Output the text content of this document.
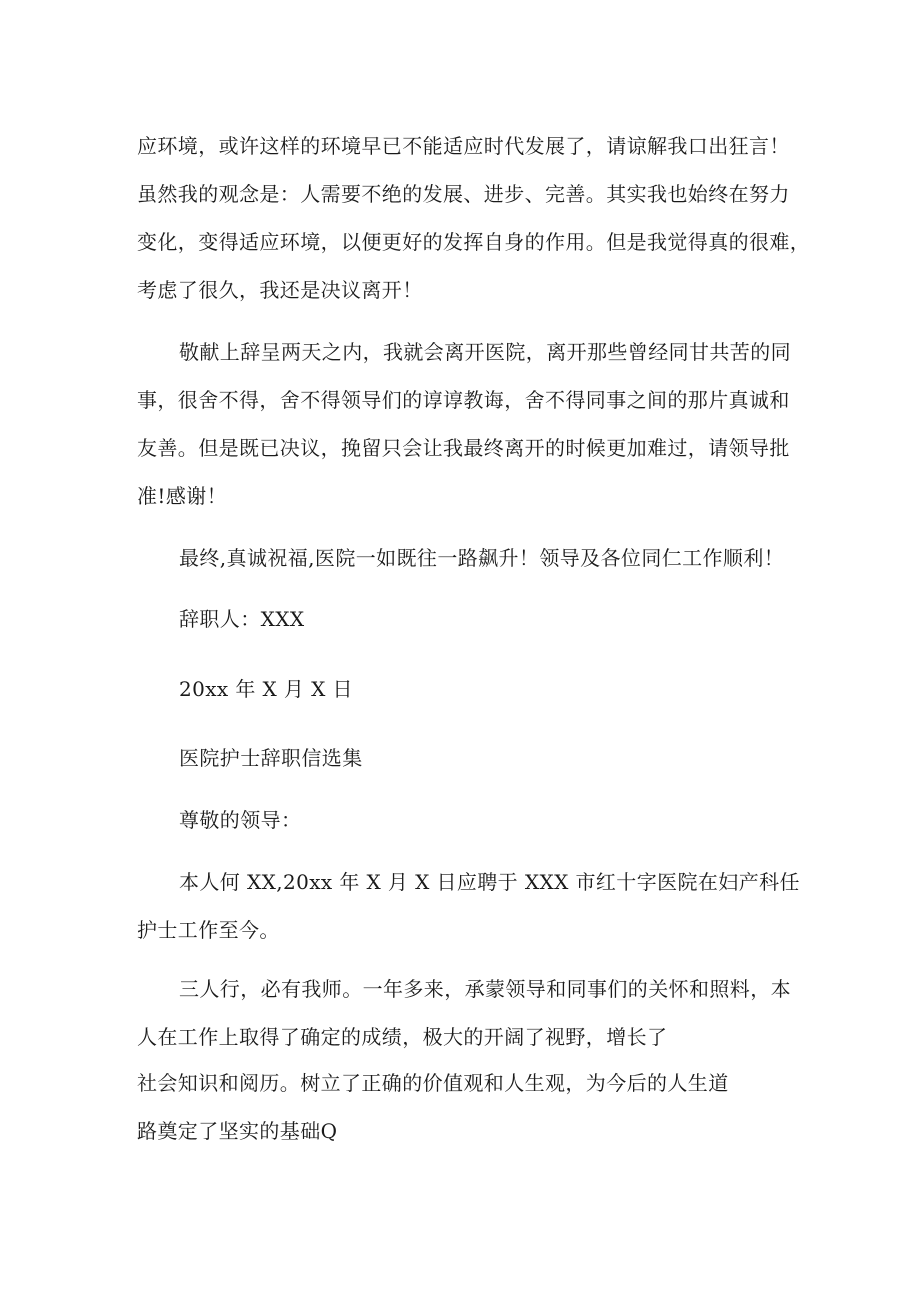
应环境，或许这样的环境早已不能适应时代发展了，请谅解我口出狂言！
虽然我的观念是：人需要不绝的发展、进步、完善。其实我也始终在努力
变化，变得适应环境，以便更好的发挥自身的作用。但是我觉得真的很难，
考虑了很久，我还是决议离开！
敬献上辞呈两天之内，我就会离开医院，离开那些曾经同甘共苦的同
事，很舍不得，舍不得领导们的谆谆教诲，舍不得同事之间的那片真诚和
友善。但是既已决议，挽留只会让我最终离开的时候更加难过，请领导批
准!感谢！
最终,真诚祝福,医院一如既往一路飙升！领导及各位同仁工作顺利！
辞职人：XXX
20xx 年 X 月 X 日
医院护士辞职信选集
尊敬的领导：
本人何 XX,20xx 年 X 月 X 日应聘于 XXX 市红十字医院在妇产科任
护士工作至今。
三人行，必有我师。一年多来，承蒙领导和同事们的关怀和照料，本
人在工作上取得了确定的成绩，极大的开阔了视野，增长了
社会知识和阅历。树立了正确的价值观和人生观，为今后的人生道
路奠定了坚实的基础Q
